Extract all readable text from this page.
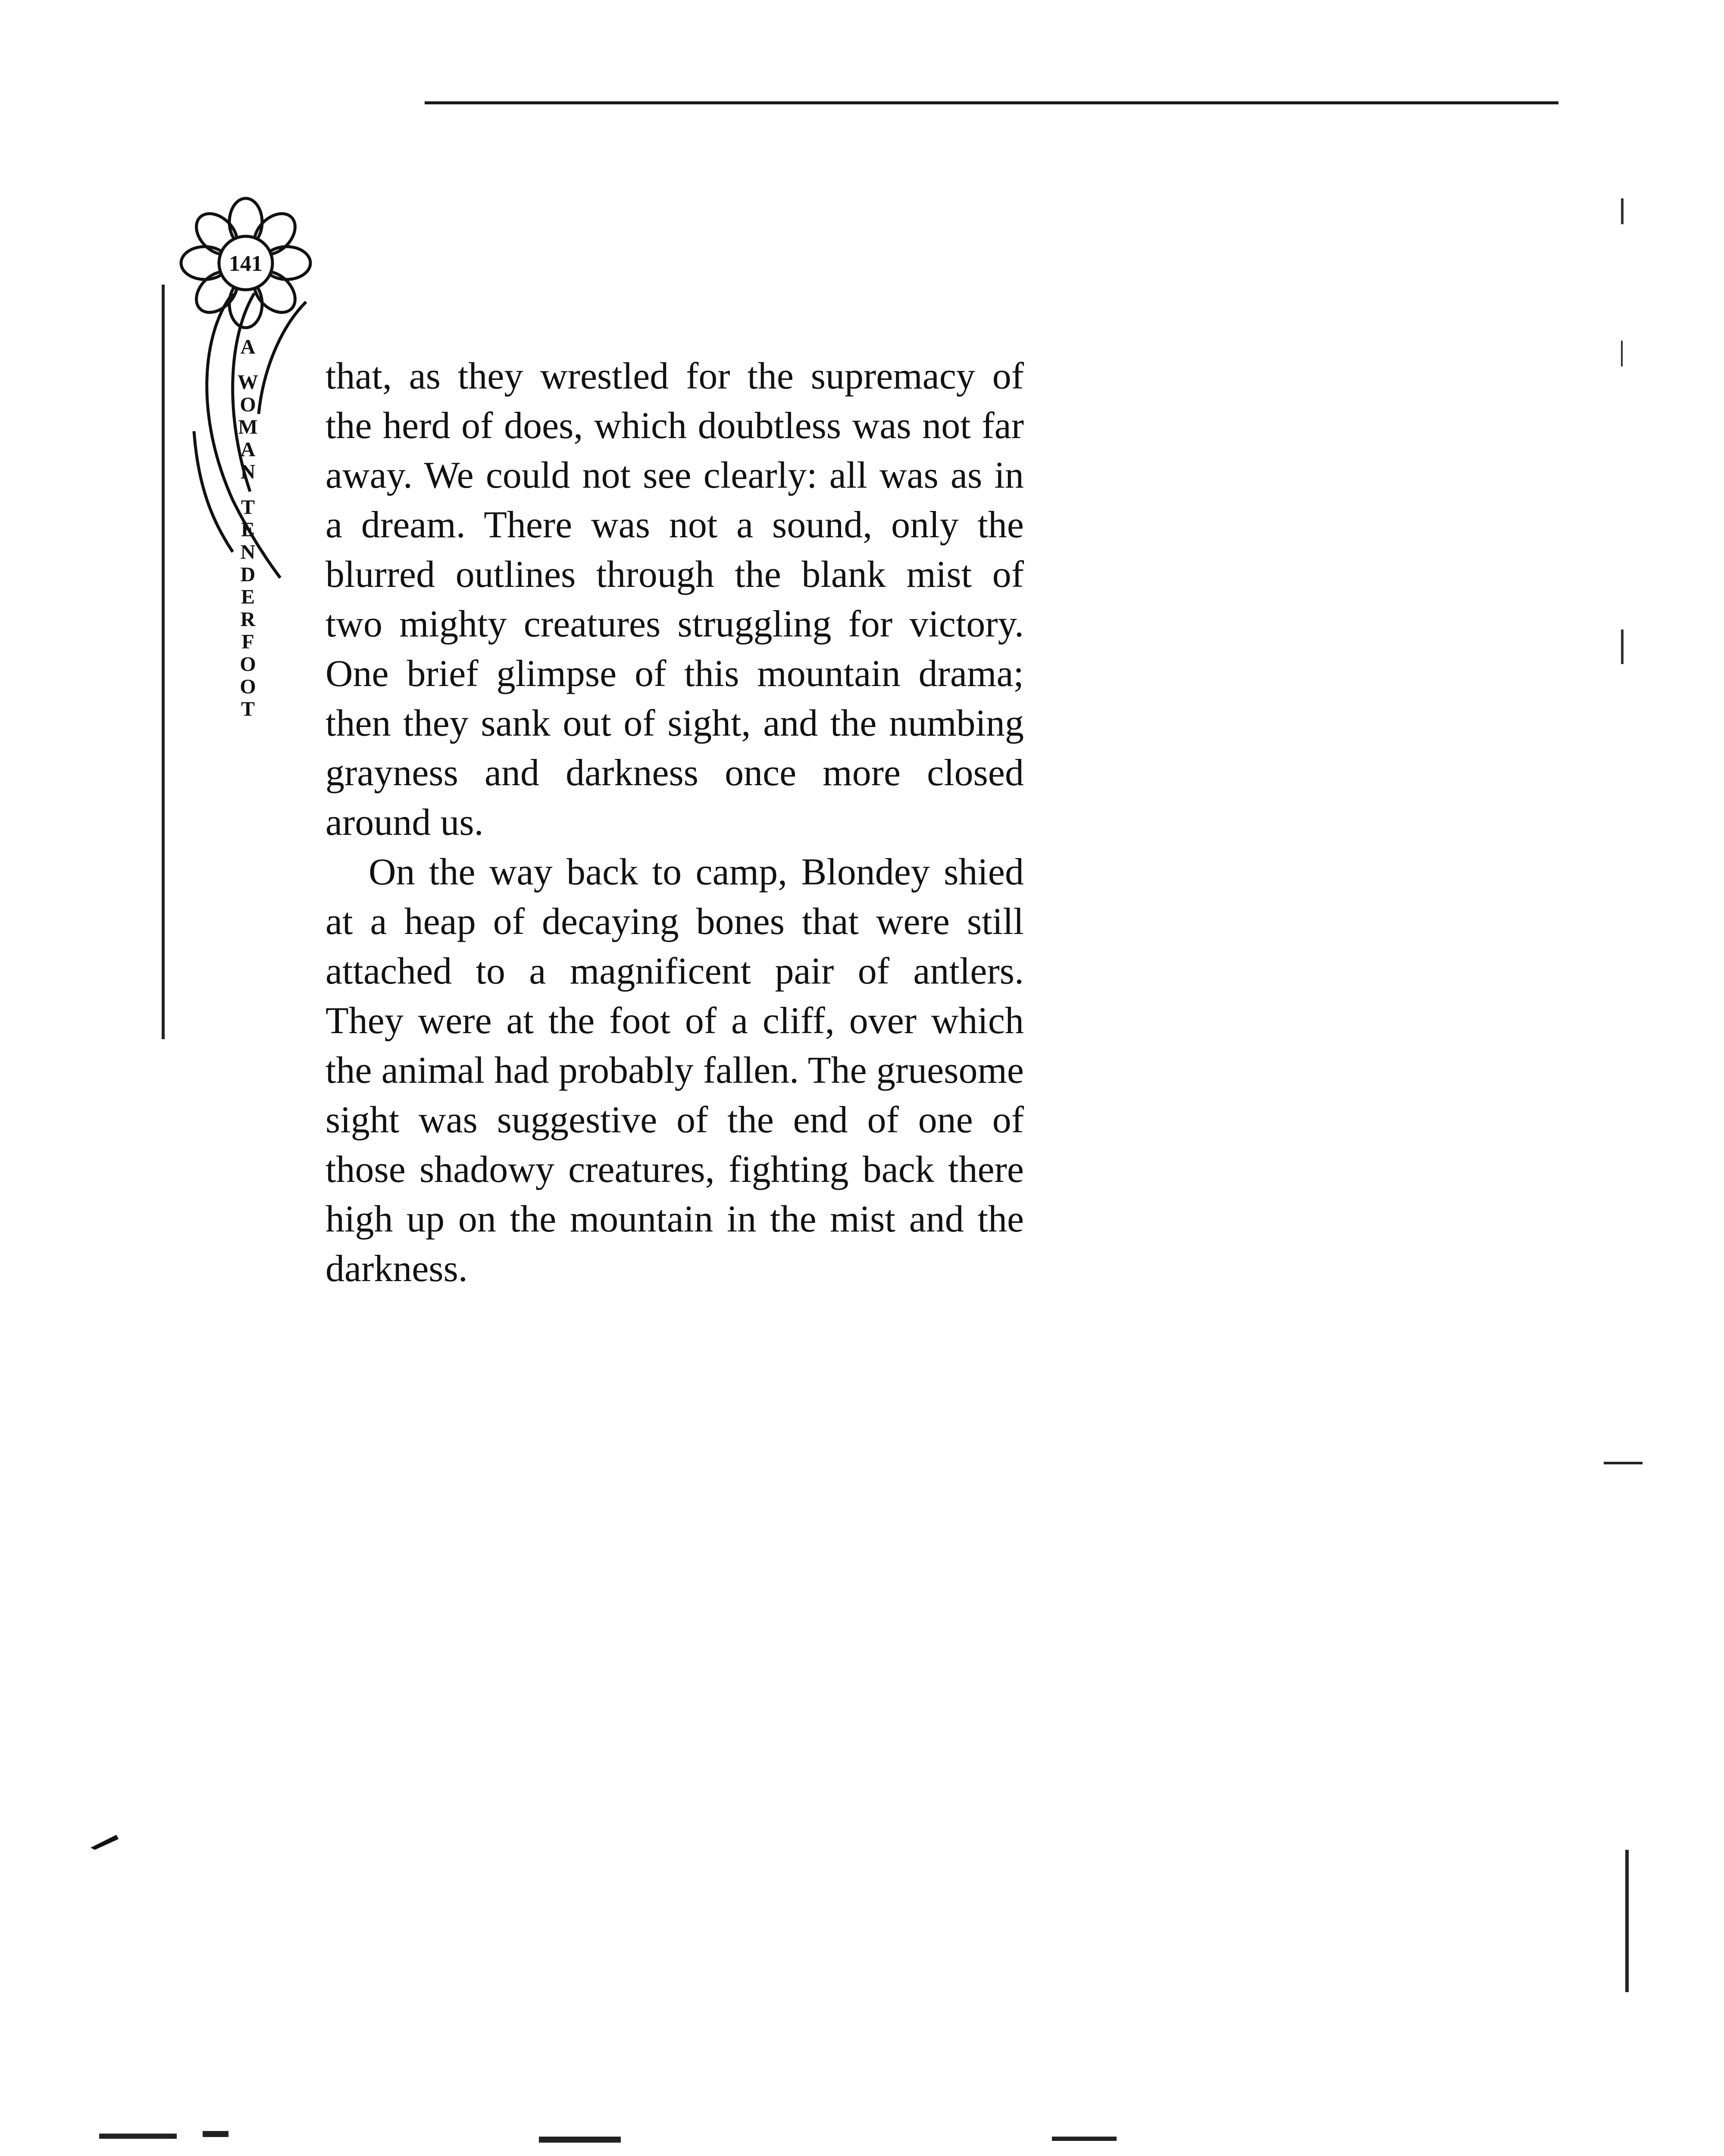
141
A
W
O
M
A
N
T
E
N
D
E
R
F
O
O
T

that, as they wrestled for the supremacy of the herd of does, which doubtless was not far away. We could not see clearly: all was as in a dream. There was not a sound, only the blurred outlines through the blank mist of two mighty creatures struggling for victory. One brief glimpse of this mountain drama; then they sank out of sight, and the numbing grayness and darkness once more closed around us.

On the way back to camp, Blondey shied at a heap of decaying bones that were still attached to a magnificent pair of antlers. They were at the foot of a cliff, over which the animal had probably fallen. The gruesome sight was suggestive of the end of one of those shadowy creatures, fighting back there high up on the mountain in the mist and the darkness.
